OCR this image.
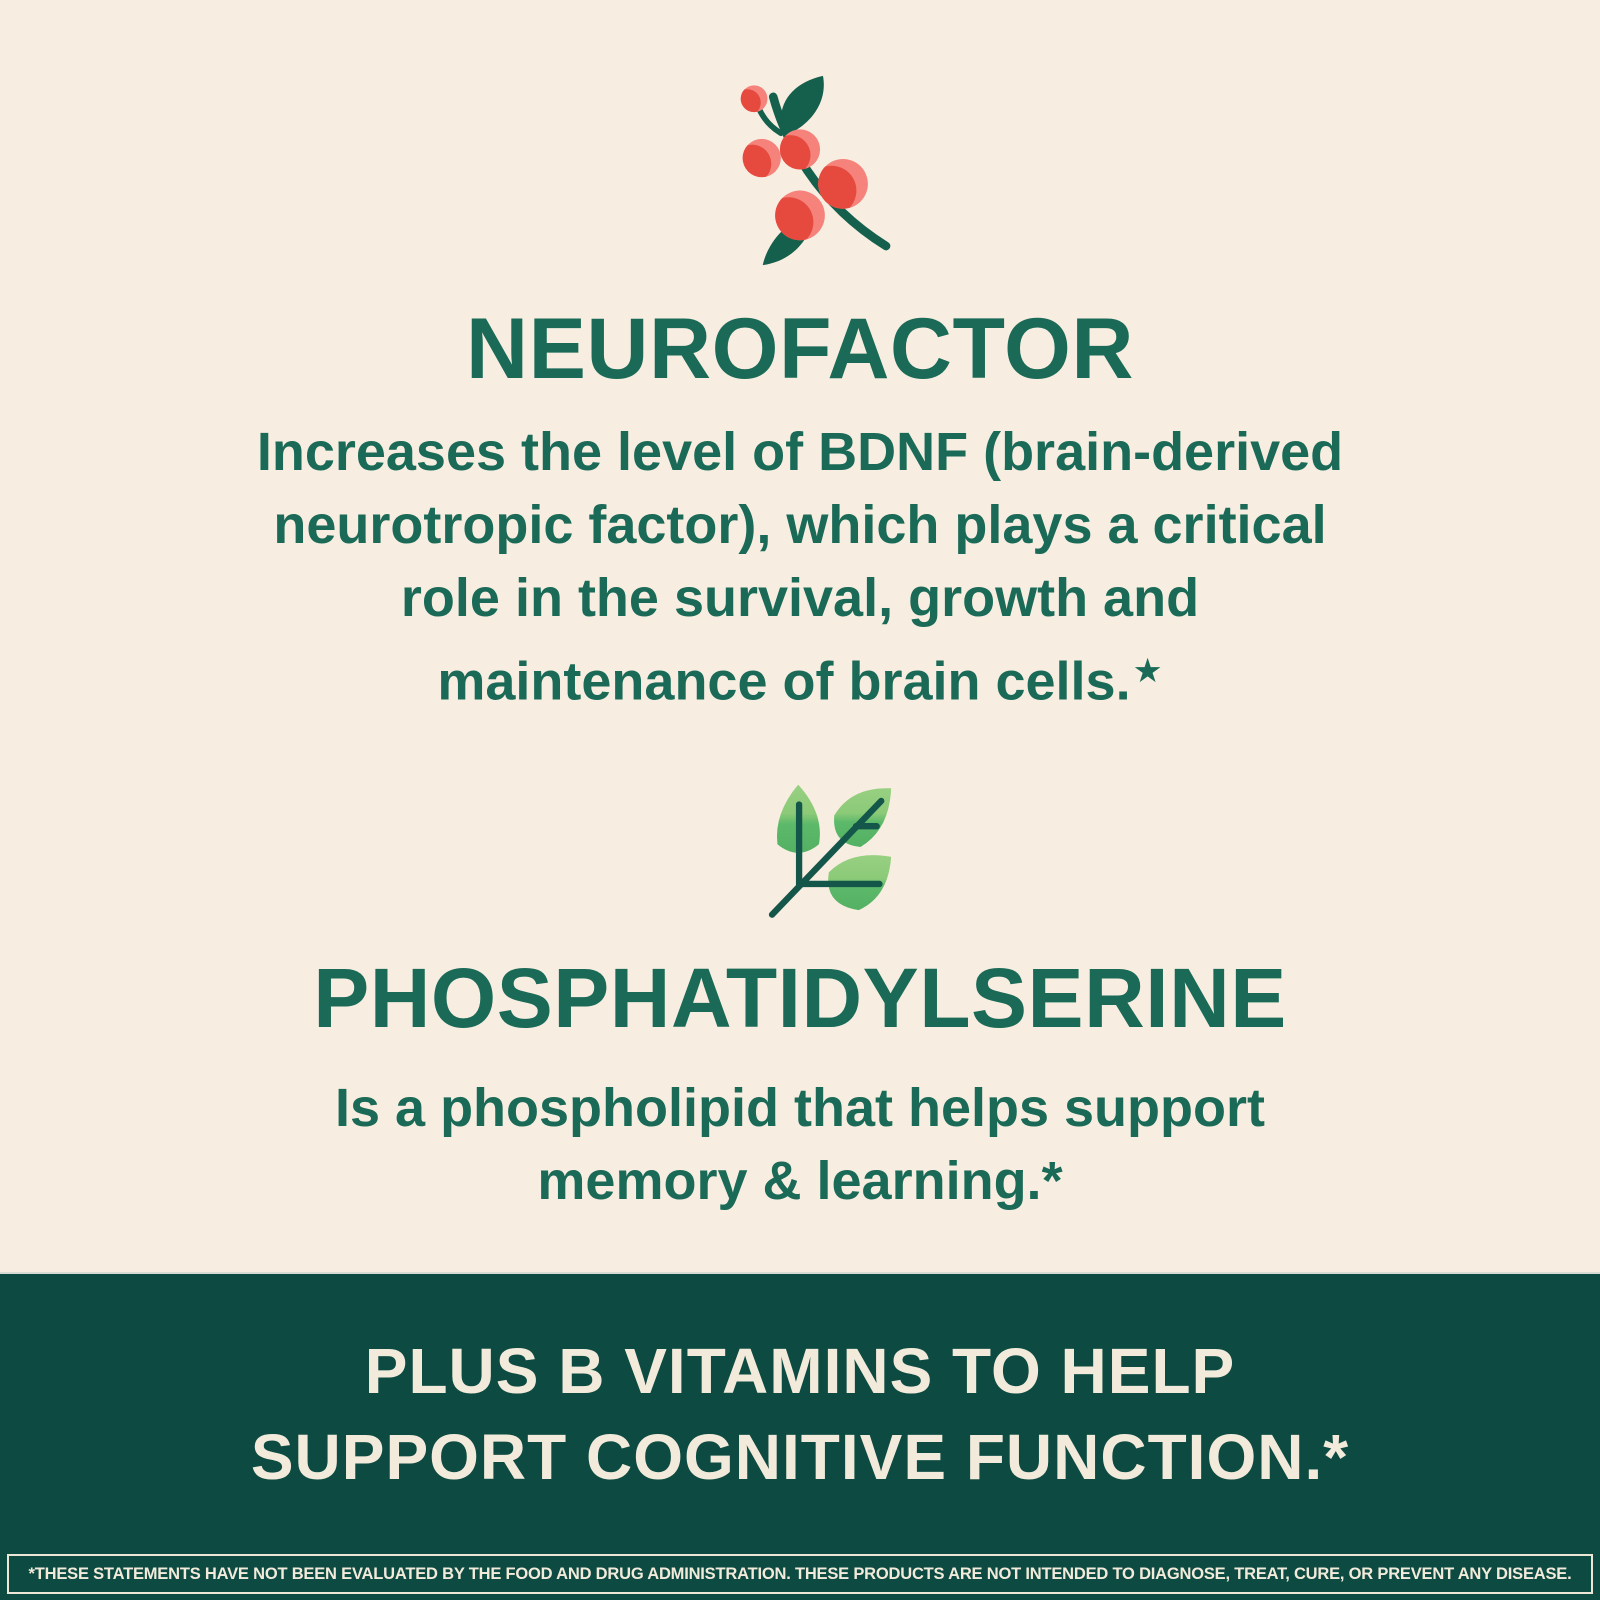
NEUROFACTOR

Increases the level of BDNF (brain-derived
neurotropic factor), which plays a critical
role in the survival, growth and
maintenance of brain cells.★

PHOSPHATIDYLSERINE

Is a phospholipid that helps support
memory & learning.*

PLUS B VITAMINS TO HELP
SUPPORT COGNITIVE FUNCTION.*

*THESE STATEMENTS HAVE NOT BEEN EVALUATED BY THE FOOD AND DRUG ADMINISTRATION. THESE PRODUCTS ARE NOT INTENDED TO DIAGNOSE, TREAT, CURE, OR PREVENT ANY DISEASE.
